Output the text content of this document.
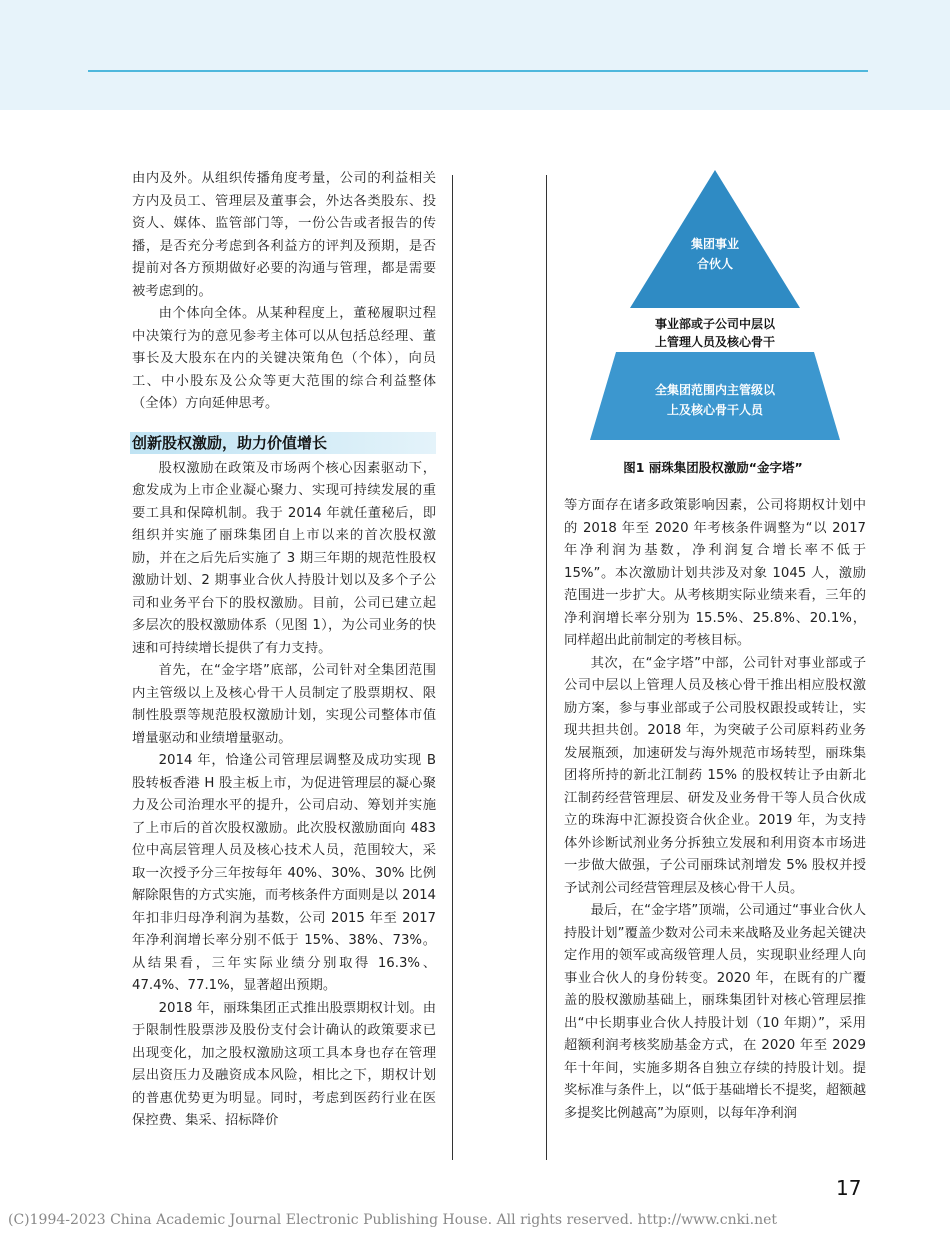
由内及外。从组织传播角度考量，公司的利益相关方内及员工、管理层及董事会，外达各类股东、投资人、媒体、监管部门等，一份公告或者报告的传播，是否充分考虑到各利益方的评判及预期，是否提前对各方预期做好必要的沟通与管理，都是需要被考虑到的。

由个体向全体。从某种程度上，董秘履职过程中决策行为的意见参考主体可以从包括总经理、董事长及大股东在内的关键决策角色（个体），向员工、中小股东及公众等更大范围的综合利益整体（全体）方向延伸思考。

创新股权激励，助力价值增长

股权激励在政策及市场两个核心因素驱动下，愈发成为上市企业凝心聚力、实现可持续发展的重要工具和保障机制。我于 2014 年就任董秘后，即组织并实施了丽珠集团自上市以来的首次股权激励，并在之后先后实施了 3 期三年期的规范性股权激励计划、2 期事业合伙人持股计划以及多个子公司和业务平台下的股权激励。目前，公司已建立起多层次的股权激励体系（见图 1），为公司业务的快速和可持续增长提供了有力支持。

首先，在“金字塔”底部，公司针对全集团范围内主管级以上及核心骨干人员制定了股票期权、限制性股票等规范股权激励计划，实现公司整体市值增量驱动和业绩增量驱动。

2014 年，恰逢公司管理层调整及成功实现 B 股转板香港 H 股主板上市，为促进管理层的凝心聚力及公司治理水平的提升，公司启动、筹划并实施了上市后的首次股权激励。此次股权激励面向 483 位中高层管理人员及核心技术人员，范围较大，采取一次授予分三年按每年 40%、30%、30% 比例解除限售的方式实施，而考核条件方面则是以 2014 年扣非归母净利润为基数，公司 2015 年至 2017 年净利润增长率分别不低于 15%、38%、73%。从结果看，三年实际业绩分别取得 16.3%、47.4%、77.1%，显著超出预期。

2018 年，丽珠集团正式推出股票期权计划。由于限制性股票涉及股份支付会计确认的政策要求已出现变化，加之股权激励这项工具本身也存在管理层出资压力及融资成本风险，相比之下，期权计划的普惠优势更为明显。同时，考虑到医药行业在医保控费、集采、招标降价

集团事业
合伙人
事业部或子公司中层以
上管理人员及核心骨干
全集团范围内主管级以
上及核心骨干人员
图1 丽珠集团股权激励“金字塔”

等方面存在诸多政策影响因素，公司将期权计划中的 2018 年至 2020 年考核条件调整为“以 2017 年净利润为基数，净利润复合增长率不低于 15%”。本次激励计划共涉及对象 1045 人，激励范围进一步扩大。从考核期实际业绩来看，三年的净利润增长率分别为 15.5%、25.8%、20.1%，同样超出此前制定的考核目标。

其次，在“金字塔”中部，公司针对事业部或子公司中层以上管理人员及核心骨干推出相应股权激励方案，参与事业部或子公司股权跟投或转让，实现共担共创。2018 年，为突破子公司原料药业务发展瓶颈，加速研发与海外规范市场转型，丽珠集团将所持的新北江制药 15% 的股权转让予由新北江制药经营管理层、研发及业务骨干等人员合伙成立的珠海中汇源投资合伙企业。2019 年，为支持体外诊断试剂业务分拆独立发展和利用资本市场进一步做大做强，子公司丽珠试剂增发 5% 股权并授予试剂公司经营管理层及核心骨干人员。

最后，在“金字塔”顶端，公司通过“事业合伙人持股计划”覆盖少数对公司未来战略及业务起关键决定作用的领军或高级管理人员，实现职业经理人向事业合伙人的身份转变。2020 年，在既有的广覆盖的股权激励基础上，丽珠集团针对核心管理层推出“中长期事业合伙人持股计划（10 年期）”，采用超额利润考核奖励基金方式，在 2020 年至 2029 年十年间，实施多期各自独立存续的持股计划。提奖标准与条件上，以“低于基础增长不提奖，超额越多提奖比例越高”为原则，以每年净利润

17
(C)1994-2023 China Academic Journal Electronic Publishing House. All rights reserved. http://www.cnki.net
